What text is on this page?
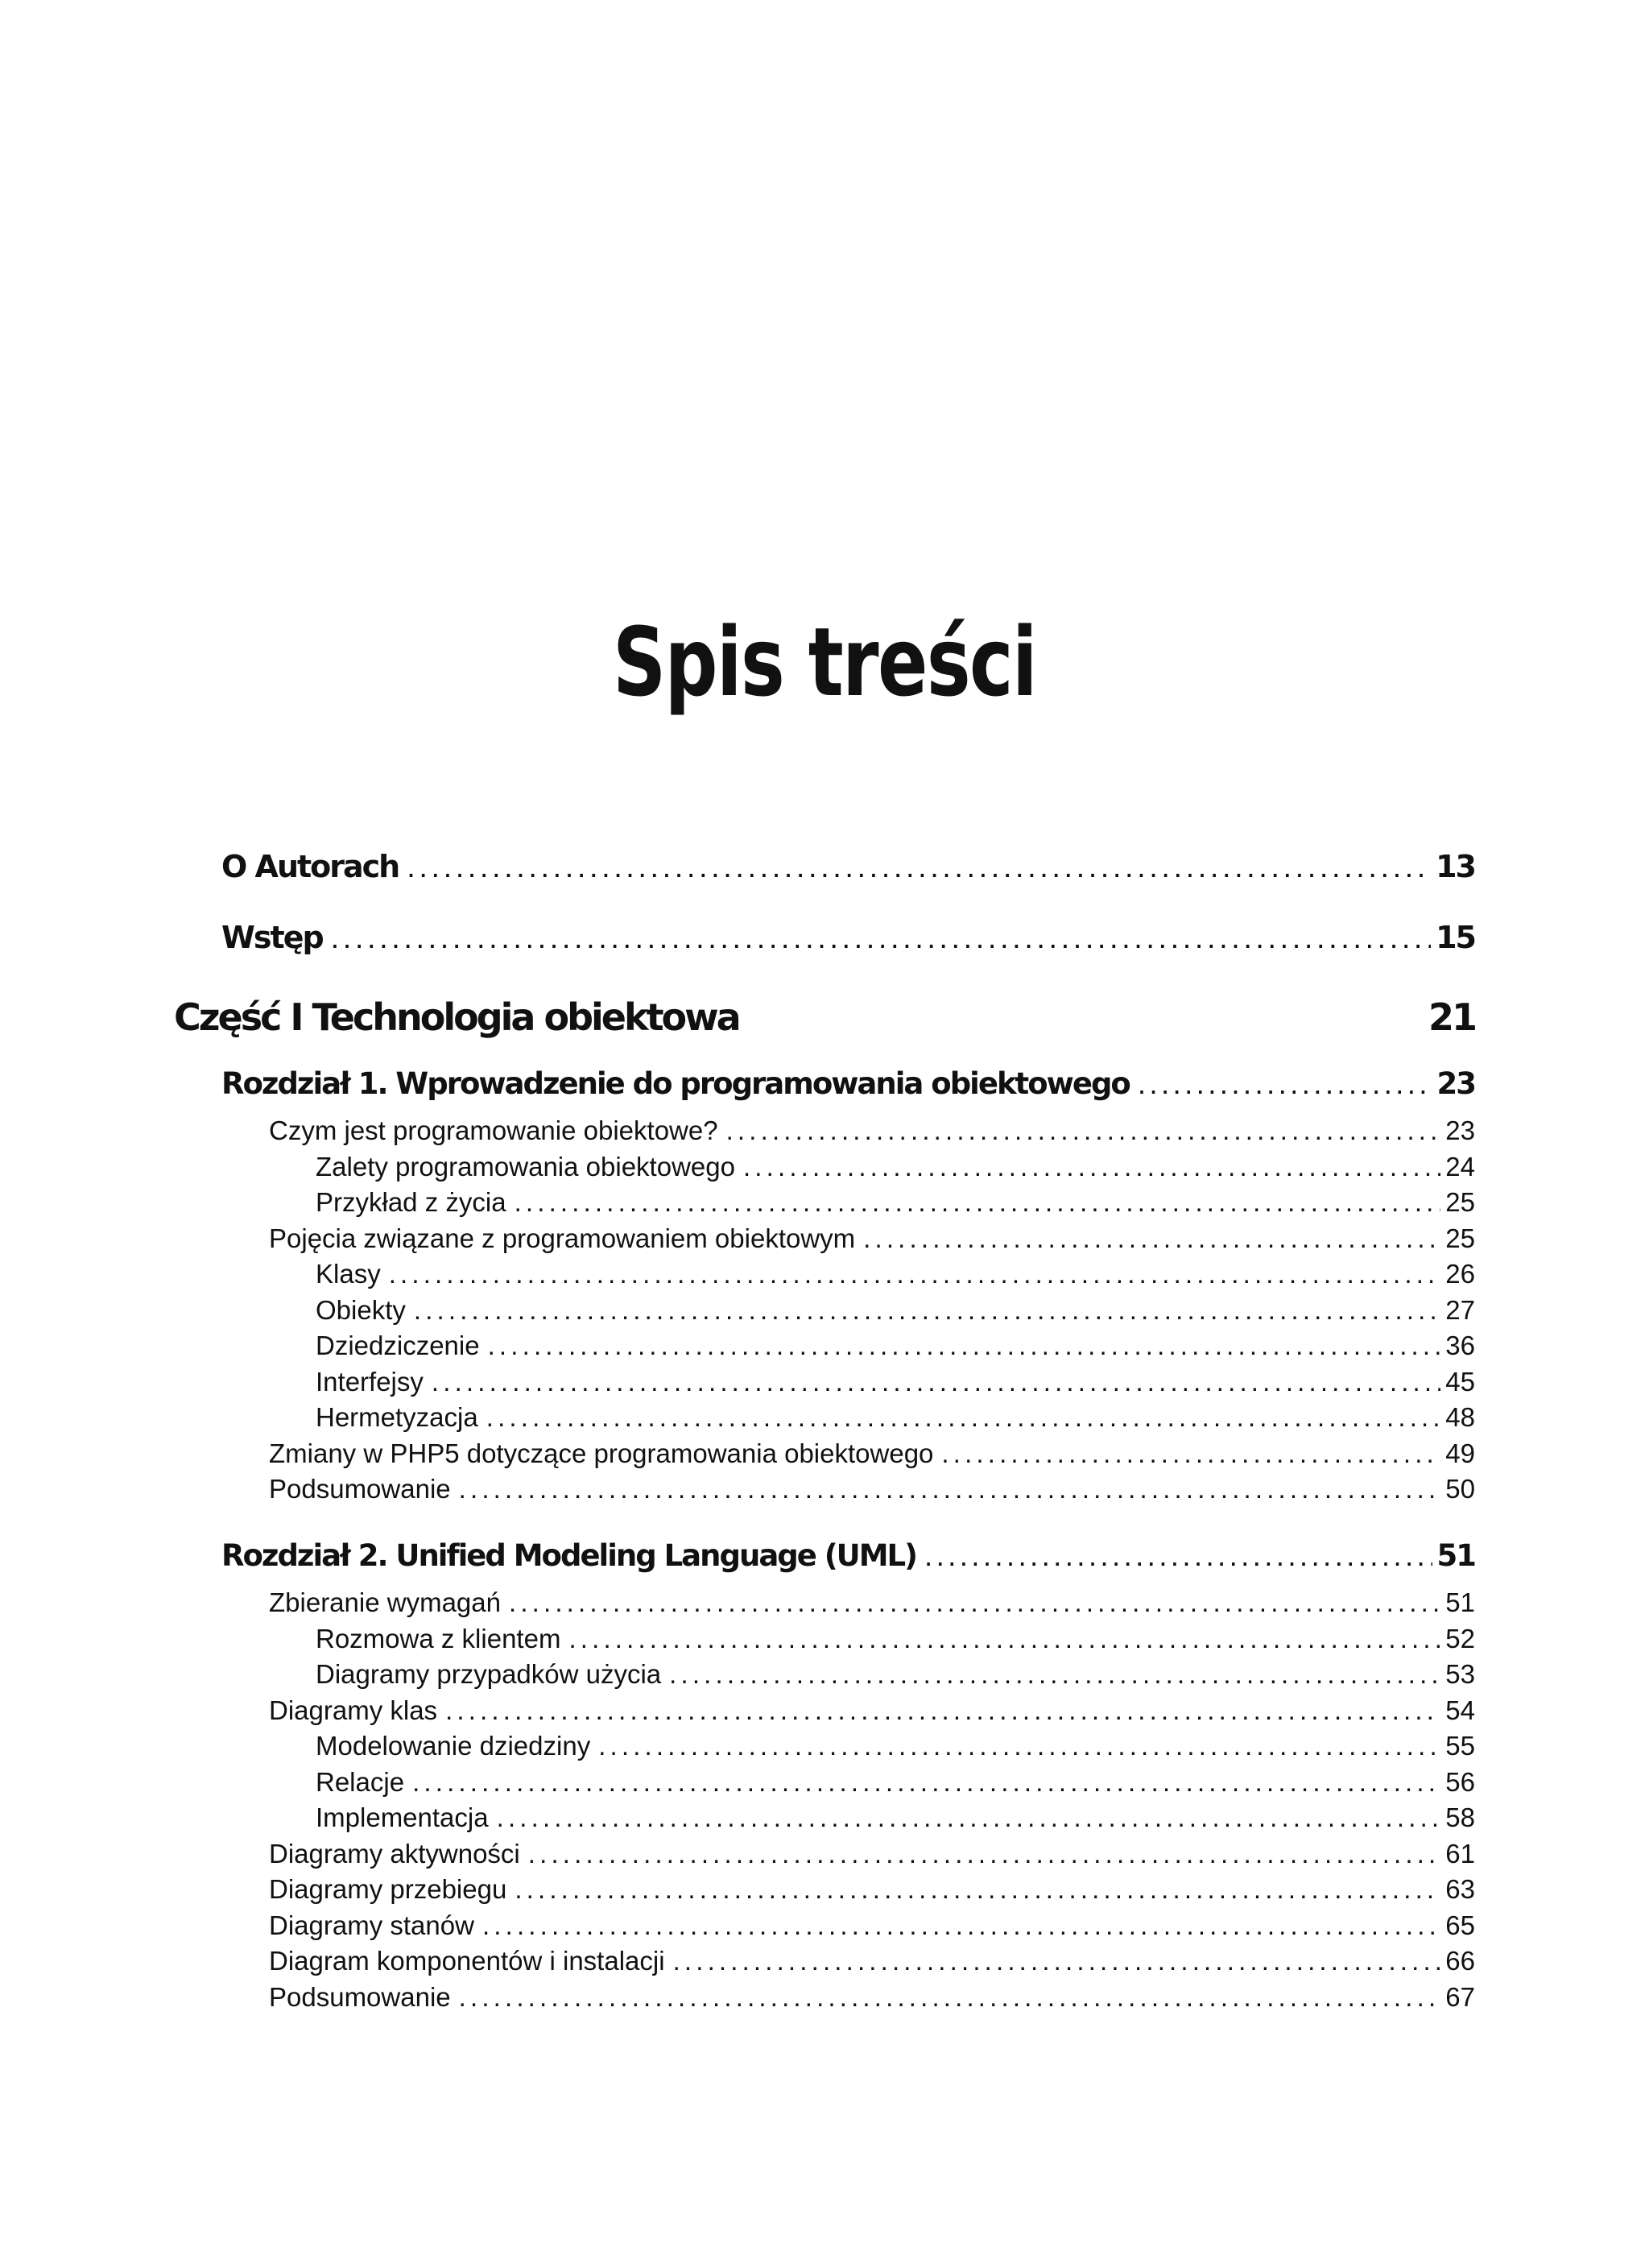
Spis treści
O Autorach . . .	13
Wstęp . . .	15
Część I Technologia obiektowa	21
Rozdział 1. Wprowadzenie do programowania obiektowego . . .	23
Czym jest programowanie obiektowe? . . .	23
Zalety programowania obiektowego . . .	24
Przykład z życia . . .	25
Pojęcia związane z programowaniem obiektowym . . .	25
Klasy . . .	26
Obiekty . . .	27
Dziedziczenie . . .	36
Interfejsy . . .	45
Hermetyzacja . . .	48
Zmiany w PHP5 dotyczące programowania obiektowego . . .	49
Podsumowanie . . .	50
Rozdział 2. Unified Modeling Language (UML) . . .	51
Zbieranie wymagań . . .	51
Rozmowa z klientem . . .	52
Diagramy przypadków użycia . . .	53
Diagramy klas . . .	54
Modelowanie dziedziny . . .	55
Relacje . . .	56
Implementacja . . .	58
Diagramy aktywności . . .	61
Diagramy przebiegu . . .	63
Diagramy stanów . . .	65
Diagram komponentów i instalacji . . .	66
Podsumowanie . . .	67
